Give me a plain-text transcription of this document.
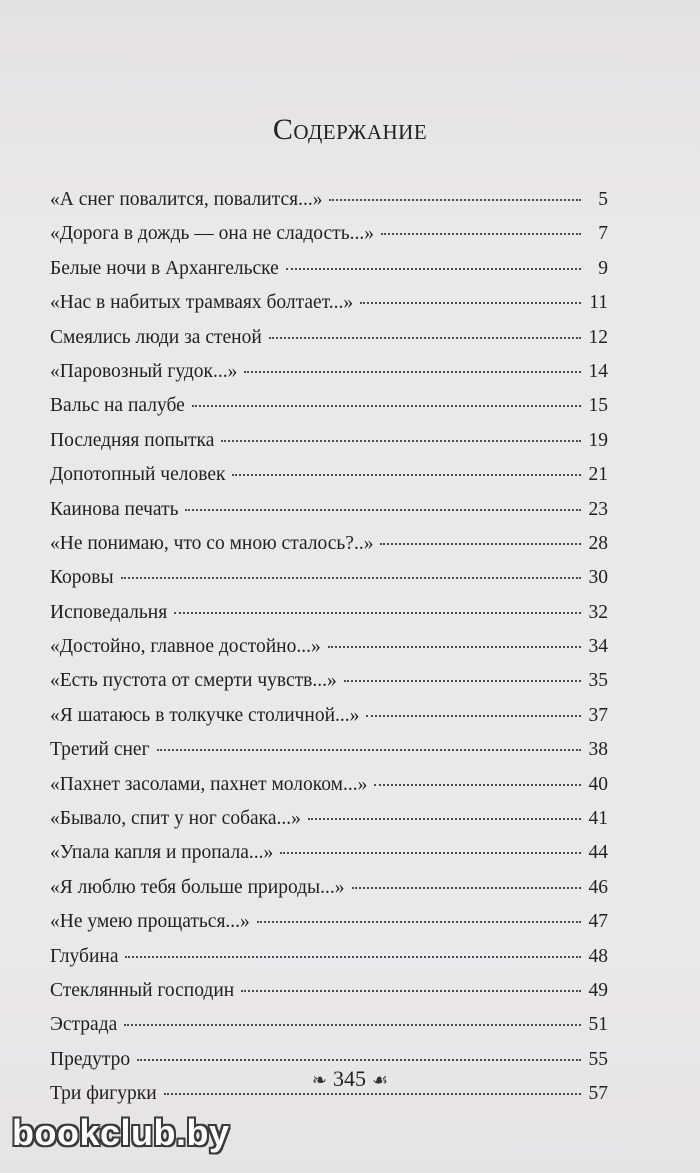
Содержание
«А снег повалится, повалится...»	5
«Дорога в дождь — она не сладость...»	7
Белые ночи в Архангельске	9
«Нас в набитых трамваях болтает...»	11
Смеялись люди за стеной	12
«Паровозный гудок...»	14
Вальс на палубе	15
Последняя попытка	19
Допотопный человек	21
Каинова печать	23
«Не понимаю, что со мною сталось?..»	28
Коровы	30
Исповедальня	32
«Достойно, главное достойно...»	34
«Есть пустота от смерти чувств...»	35
«Я шатаюсь в толкучке столичной...»	37
Третий снег	38
«Пахнет засолами, пахнет молоком...»	40
«Бывало, спит у ног собака...»	41
«Упала капля и пропала...»	44
«Я люблю тебя больше природы...»	46
«Не умею прощаться...»	47
Глубина	48
Стеклянный господин	49
Эстрада	51
Предутро	55
Три фигурки	57
❧ 345 ☙
bookclub.by
